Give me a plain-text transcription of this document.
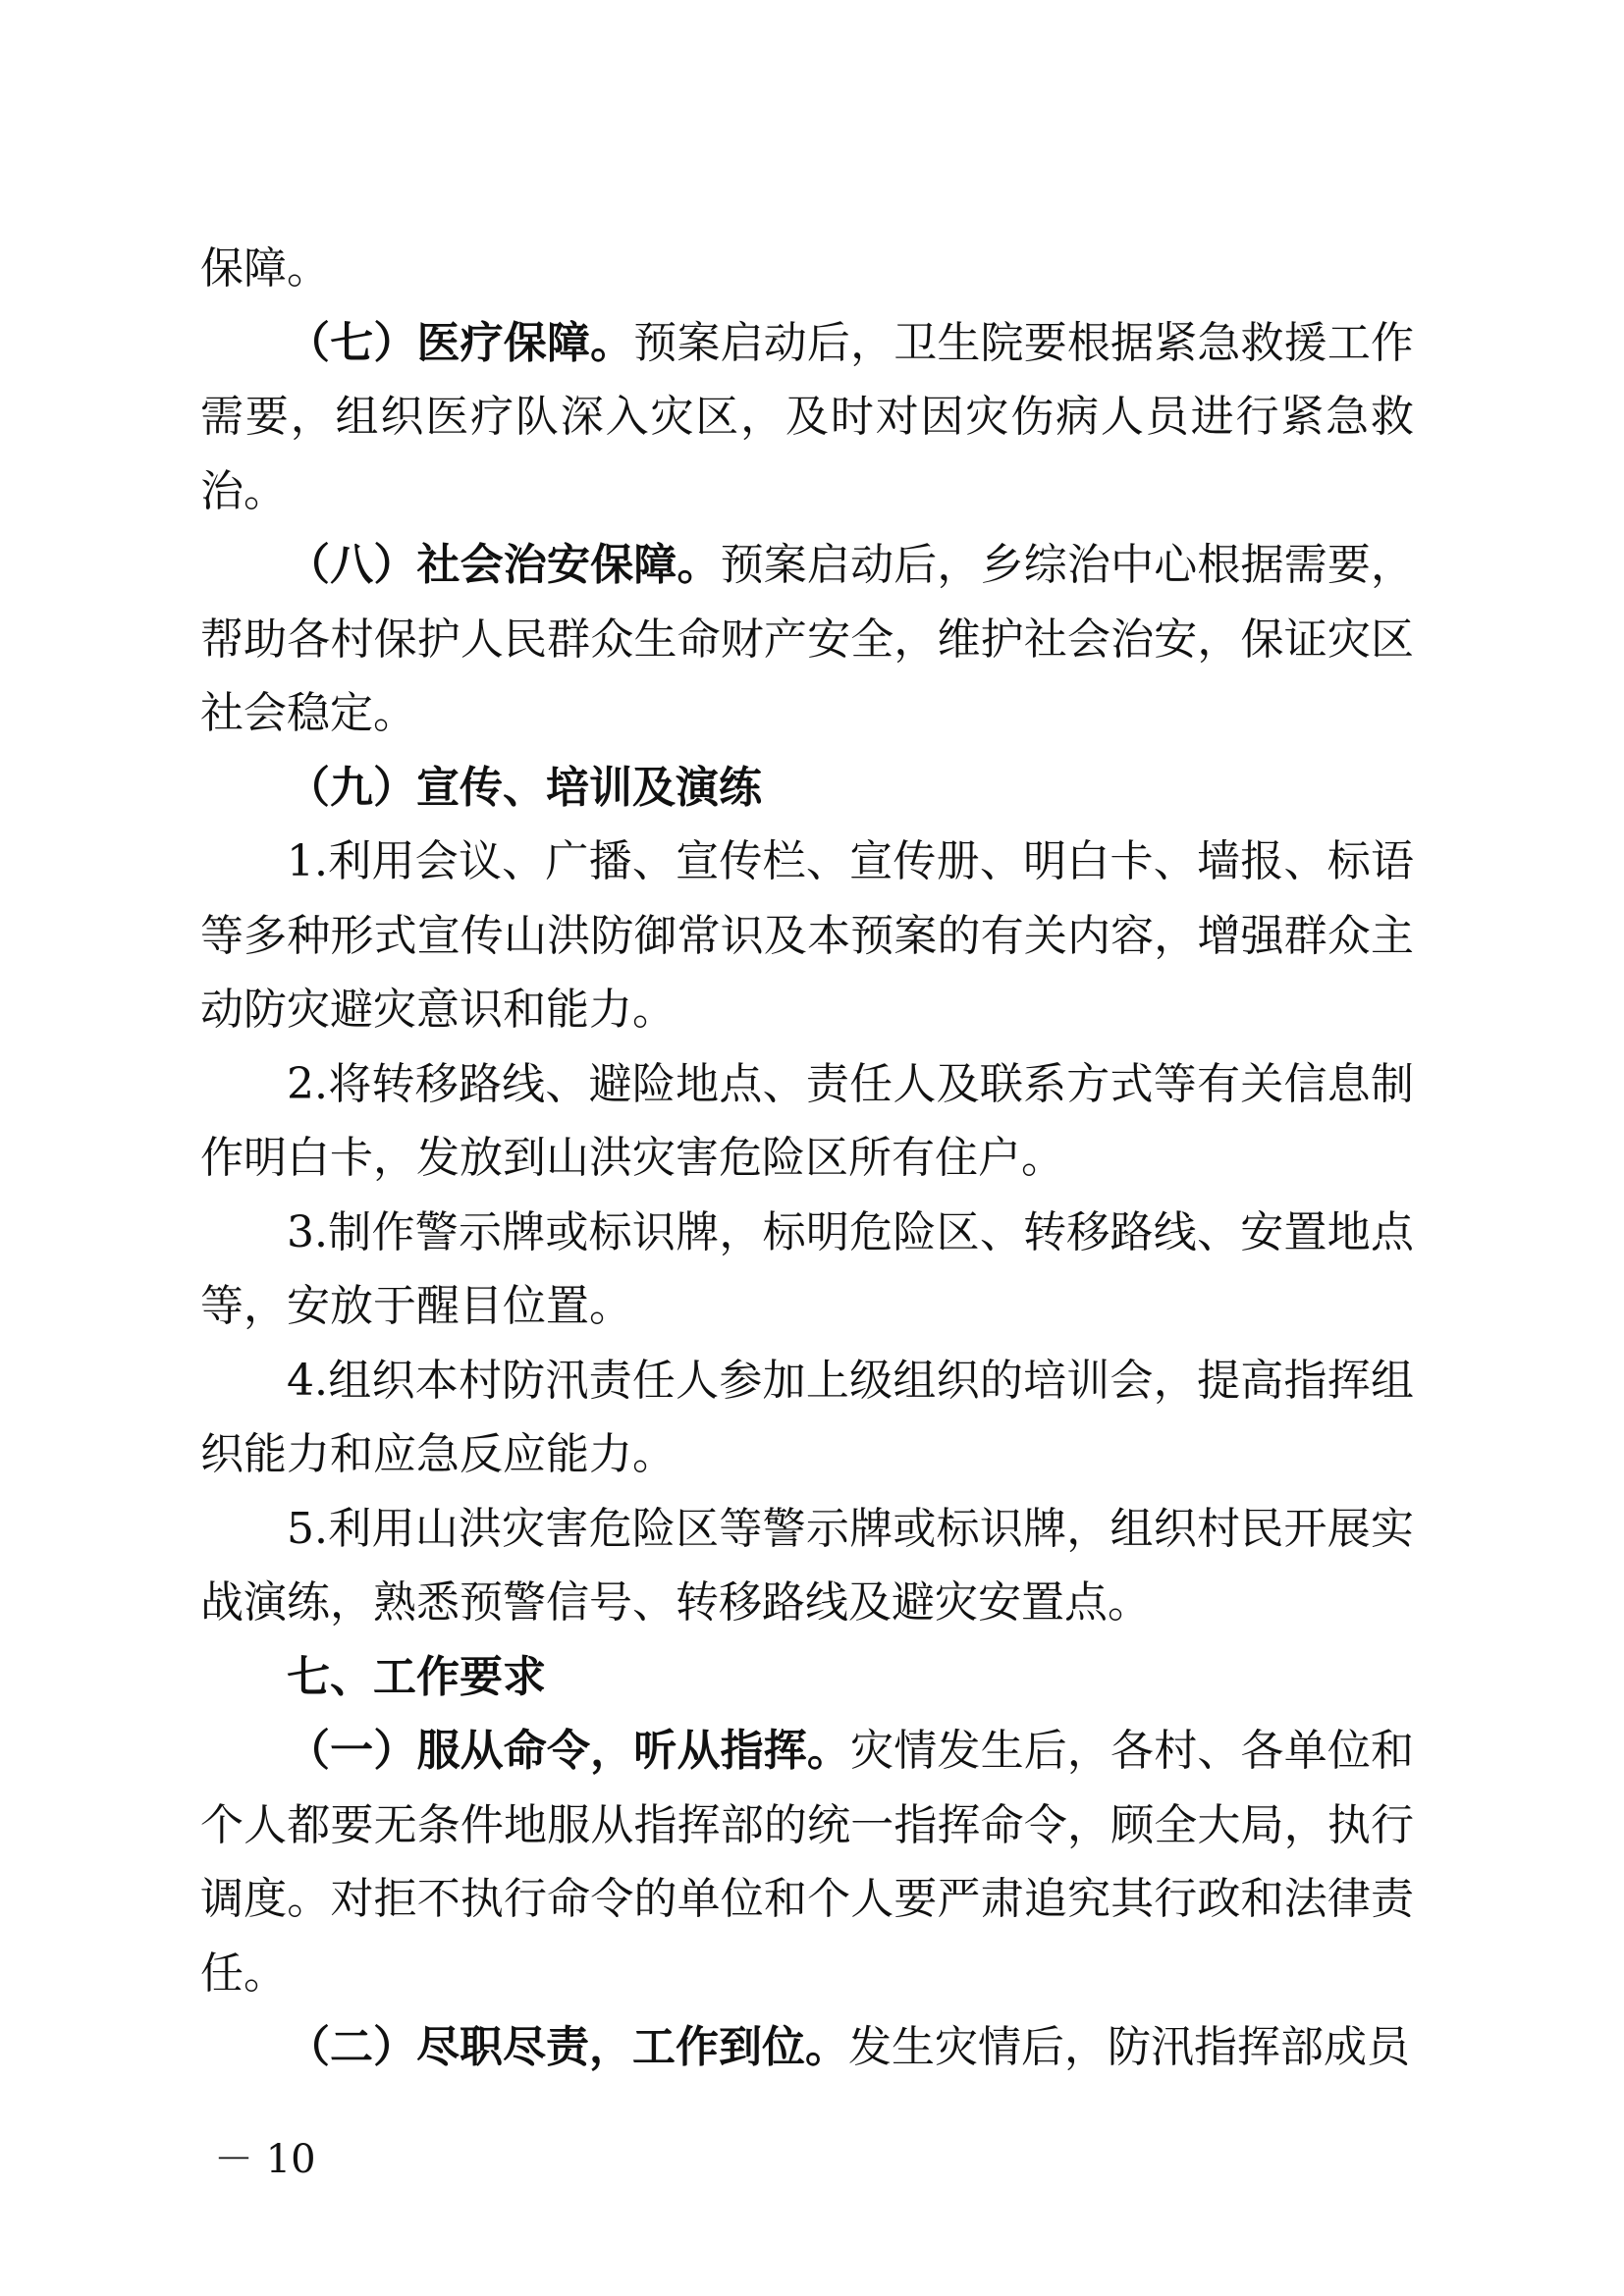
保障。

（七）医疗保障。预案启动后，卫生院要根据紧急救援工作需要，组织医疗队深入灾区，及时对因灾伤病人员进行紧急救治。

（八）社会治安保障。预案启动后，乡综治中心根据需要，帮助各村保护人民群众生命财产安全，维护社会治安，保证灾区社会稳定。

（九）宣传、培训及演练

1.利用会议、广播、宣传栏、宣传册、明白卡、墙报、标语等多种形式宣传山洪防御常识及本预案的有关内容，增强群众主动防灾避灾意识和能力。

2.将转移路线、避险地点、责任人及联系方式等有关信息制作明白卡，发放到山洪灾害危险区所有住户。

3.制作警示牌或标识牌，标明危险区、转移路线、安置地点等，安放于醒目位置。

4.组织本村防汛责任人参加上级组织的培训会，提高指挥组织能力和应急反应能力。

5.利用山洪灾害危险区等警示牌或标识牌，组织村民开展实战演练，熟悉预警信号、转移路线及避灾安置点。

七、工作要求

（一）服从命令，听从指挥。灾情发生后，各村、各单位和个人都要无条件地服从指挥部的统一指挥命令，顾全大局，执行调度。对拒不执行命令的单位和个人要严肃追究其行政和法律责任。

（二）尽职尽责，工作到位。发生灾情后，防汛指挥部成员

－ 10
